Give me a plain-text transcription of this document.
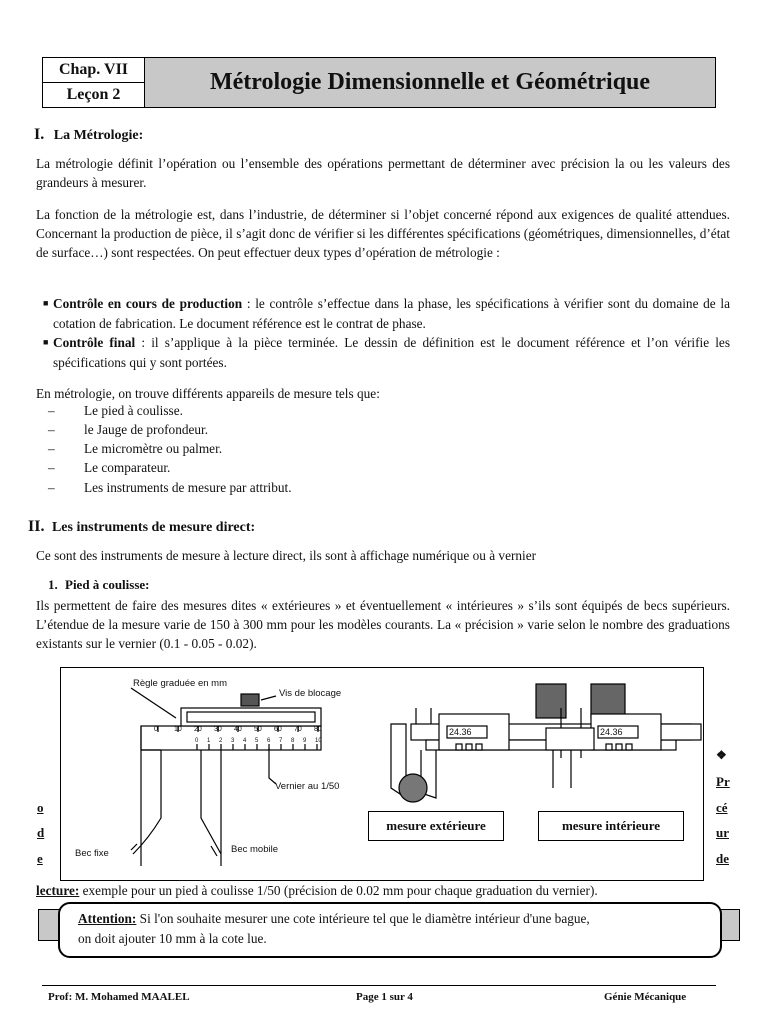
Chap. VII
Leçon 2	Métrologie Dimensionnelle et Géométrique
I. La Métrologie:
La métrologie définit l’opération ou l’ensemble des opérations permettant de déterminer avec précision la ou les valeurs des grandeurs à mesurer.
La fonction de la métrologie est, dans l’industrie, de déterminer si l’objet concerné répond aux exigences de qualité attendues. Concernant la production de pièce, il s’agit donc de vérifier si les différentes spécifications (géométriques, dimensionnelles, d’état de surface…) sont respectées. On peut effectuer deux types d’opération de métrologie :
■ Contrôle en cours de production : le contrôle s’effectue dans la phase, les spécifications à vérifier sont du domaine de la cotation de fabrication. Le document référence est le contrat de phase.
■ Contrôle final : il s’applique à la pièce terminée. Le dessin de définition est le document référence et l’on vérifie les spécifications qui y sont portées.
En métrologie, on trouve différents appareils de mesure tels que:
– Le pied à coulisse.
– le Jauge de profondeur.
– Le micromètre ou palmer.
– Le comparateur.
– Les instruments de mesure par attribut.
II. Les instruments de mesure direct:
Ce sont des instruments de mesure à lecture direct, ils sont à affichage numérique ou à vernier
1. Pied à coulisse:
Ils permettent de faire des mesures dites « extérieures » et éventuellement « intérieures » s’ils sont équipés de becs supérieurs. L’étendue de la mesure varie de 150 à 300 mm pour les modèles courants. La « précision » varie selon le nombre des graduations existants sur le vernier (0.1 - 0.05 - 0.02).
Règle graduée en mm
Vis de blocage
Vernier au 1/50
Bec fixe	Bec mobile
24.36	24.36
0 10 20 30 40 50 60 70 80
0 1 2 3 4 5 6 7 8 9 10
mesure extérieure	mesure intérieure
o
d
e
❖
Pr
cé
ur
de
lecture: exemple pour un pied à coulisse 1/50 (précision de 0.02 mm pour chaque graduation du vernier).
Attention: Si l'on souhaite mesurer une cote intérieure tel que le diamètre intérieur d'une bague,
on doit ajouter 10 mm à la cote lue.
Prof: M. Mohamed MAALEL	Page 1 sur 4	Génie Mécanique
